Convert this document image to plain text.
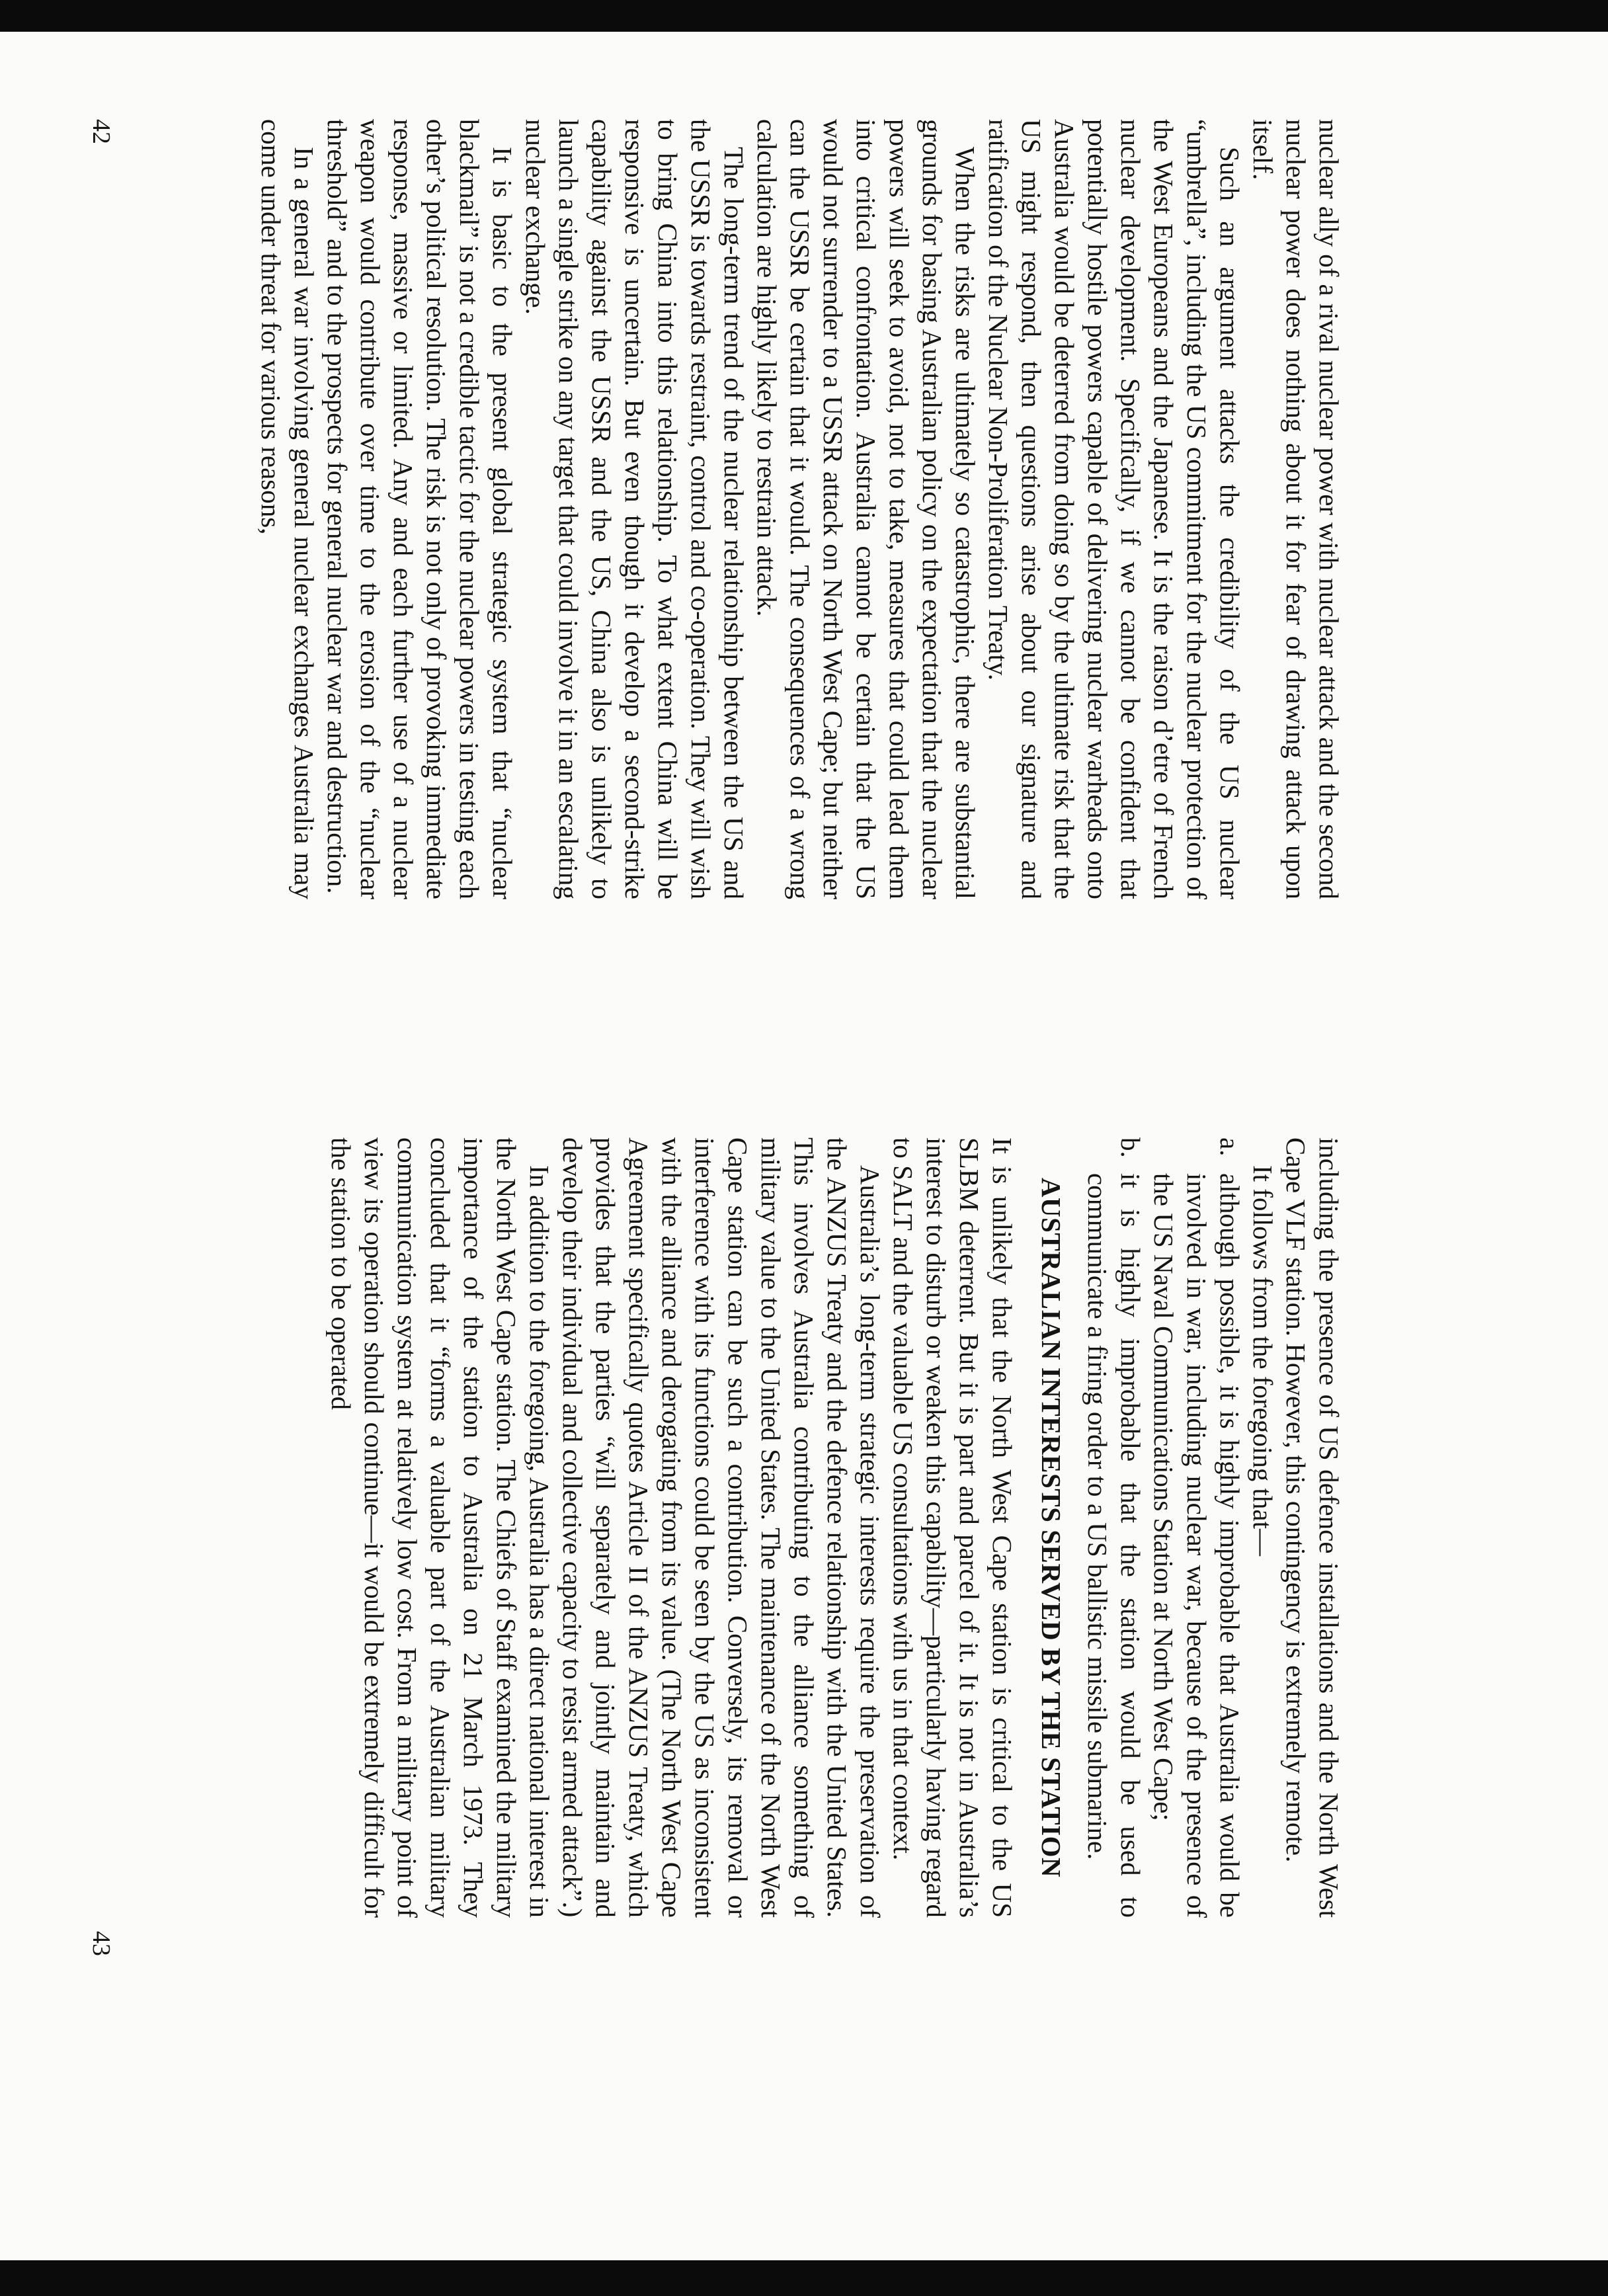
nuclear ally of a rival nuclear power with nuclear attack and the second nuclear power does nothing about it for fear of drawing attack upon itself.

Such an argument attacks the credibility of the US nuclear “umbrella”, including the US commitment for the nuclear protection of the West Europeans and the Japanese. It is the raison d’etre of French nuclear development. Specifically, if we cannot be confident that potentially hostile powers capable of delivering nuclear warheads onto Australia would be deterred from doing so by the ultimate risk that the US might respond, then questions arise about our signature and ratification of the Nuclear Non-Proliferation Treaty.

When the risks are ultimately so catastrophic, there are substantial grounds for basing Australian policy on the expectation that the nuclear powers will seek to avoid, not to take, measures that could lead them into critical confrontation. Australia cannot be certain that the US would not surrender to a USSR attack on North West Cape; but neither can the USSR be certain that it would. The consequences of a wrong calculation are highly likely to restrain attack.

The long-term trend of the nuclear relationship between the US and the USSR is towards restraint, control and co-operation. They will wish to bring China into this relationship. To what extent China will be responsive is uncertain. But even though it develop a second-strike capability against the USSR and the US, China also is unlikely to launch a single strike on any target that could involve it in an escalating nuclear exchange.

It is basic to the present global strategic system that “nuclear blackmail” is not a credible tactic for the nuclear powers in testing each other’s political resolution. The risk is not only of provoking immediate response, massive or limited. Any and each further use of a nuclear weapon would contribute over time to the erosion of the “nuclear threshold” and to the prospects for general nuclear war and destruction.

In a general war involving general nuclear exchanges Australia may come under threat for various reasons,

including the presence of US defence installations and the North West Cape VLF station. However, this contingency is extremely remote.

It follows from the foregoing that—

a.
although possible, it is highly improbable that Australia would be involved in war, including nuclear war, because of the presence of the US Naval Communications Station at North West Cape;
b.
it is highly improbable that the station would be used to communicate a firing order to a US ballistic missile submarine.
AUSTRALIAN INTERESTS SERVED BY THE STATION

It is unlikely that the North West Cape station is critical to the US SLBM deterrent. But it is part and parcel of it. It is not in Australia’s interest to disturb or weaken this capability—particularly having regard to SALT and the valuable US consultations with us in that context.

Australia’s long-term strategic interests require the preservation of the ANZUS Treaty and the defence relationship with the United States. This involves Australia contributing to the alliance something of military value to the United States. The maintenance of the North West Cape station can be such a contribution. Conversely, its removal or interference with its functions could be seen by the US as inconsistent with the alliance and derogating from its value. (The North West Cape Agreement specifically quotes Article II of the ANZUS Treaty, which provides that the parties “will separately and jointly maintain and develop their individual and collective capacity to resist armed attack”.)

In addition to the foregoing, Australia has a direct national interest in the North West Cape station. The Chiefs of Staff examined the military importance of the station to Australia on 21 March 1973. They concluded that it “forms a valuable part of the Australian military communication system at relatively low cost. From a military point of view its operation should continue—it would be extremely difficult for the station to be operated

42
43
